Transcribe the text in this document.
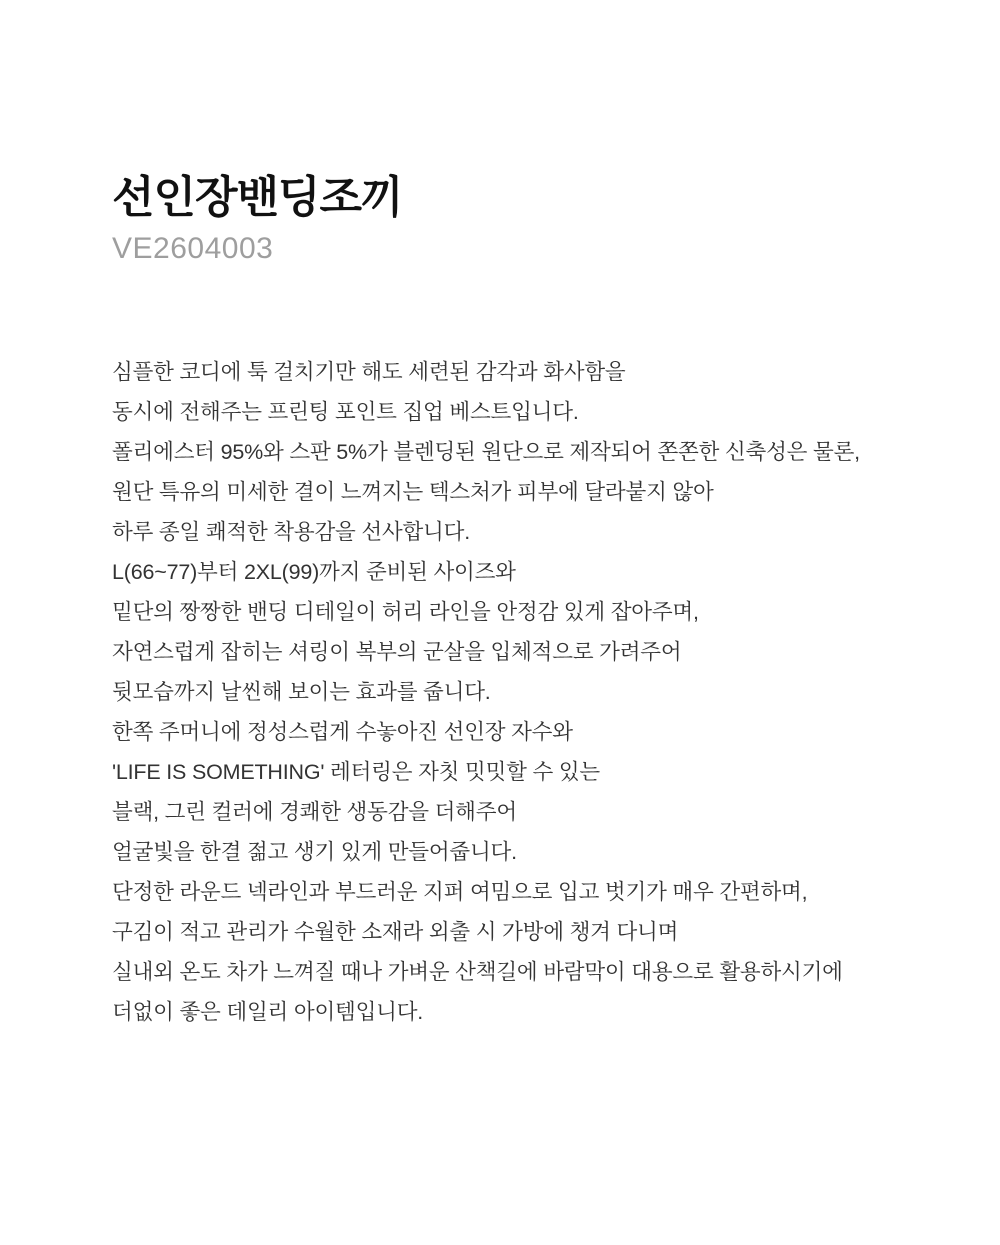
선인장밴딩조끼
VE2604003

심플한 코디에 툭 걸치기만 해도 세련된 감각과 화사함을

동시에 전해주는 프린팅 포인트 집업 베스트입니다.

폴리에스터 95%와 스판 5%가 블렌딩된 원단으로 제작되어 쫀쫀한 신축성은 물론,

원단 특유의 미세한 결이 느껴지는 텍스처가 피부에 달라붙지 않아

하루 종일 쾌적한 착용감을 선사합니다.

L(66~77)부터 2XL(99)까지 준비된 사이즈와

밑단의 짱짱한 밴딩 디테일이 허리 라인을 안정감 있게 잡아주며,

자연스럽게 잡히는 셔링이 복부의 군살을 입체적으로 가려주어

뒷모습까지 날씬해 보이는 효과를 줍니다.

한쪽 주머니에 정성스럽게 수놓아진 선인장 자수와

'LIFE IS SOMETHING' 레터링은 자칫 밋밋할 수 있는

블랙, 그린 컬러에 경쾌한 생동감을 더해주어

얼굴빛을 한결 젊고 생기 있게 만들어줍니다.

단정한 라운드 넥라인과 부드러운 지퍼 여밈으로 입고 벗기가 매우 간편하며,

구김이 적고 관리가 수월한 소재라 외출 시 가방에 챙겨 다니며

실내외 온도 차가 느껴질 때나 가벼운 산책길에 바람막이 대용으로 활용하시기에

더없이 좋은 데일리 아이템입니다.
